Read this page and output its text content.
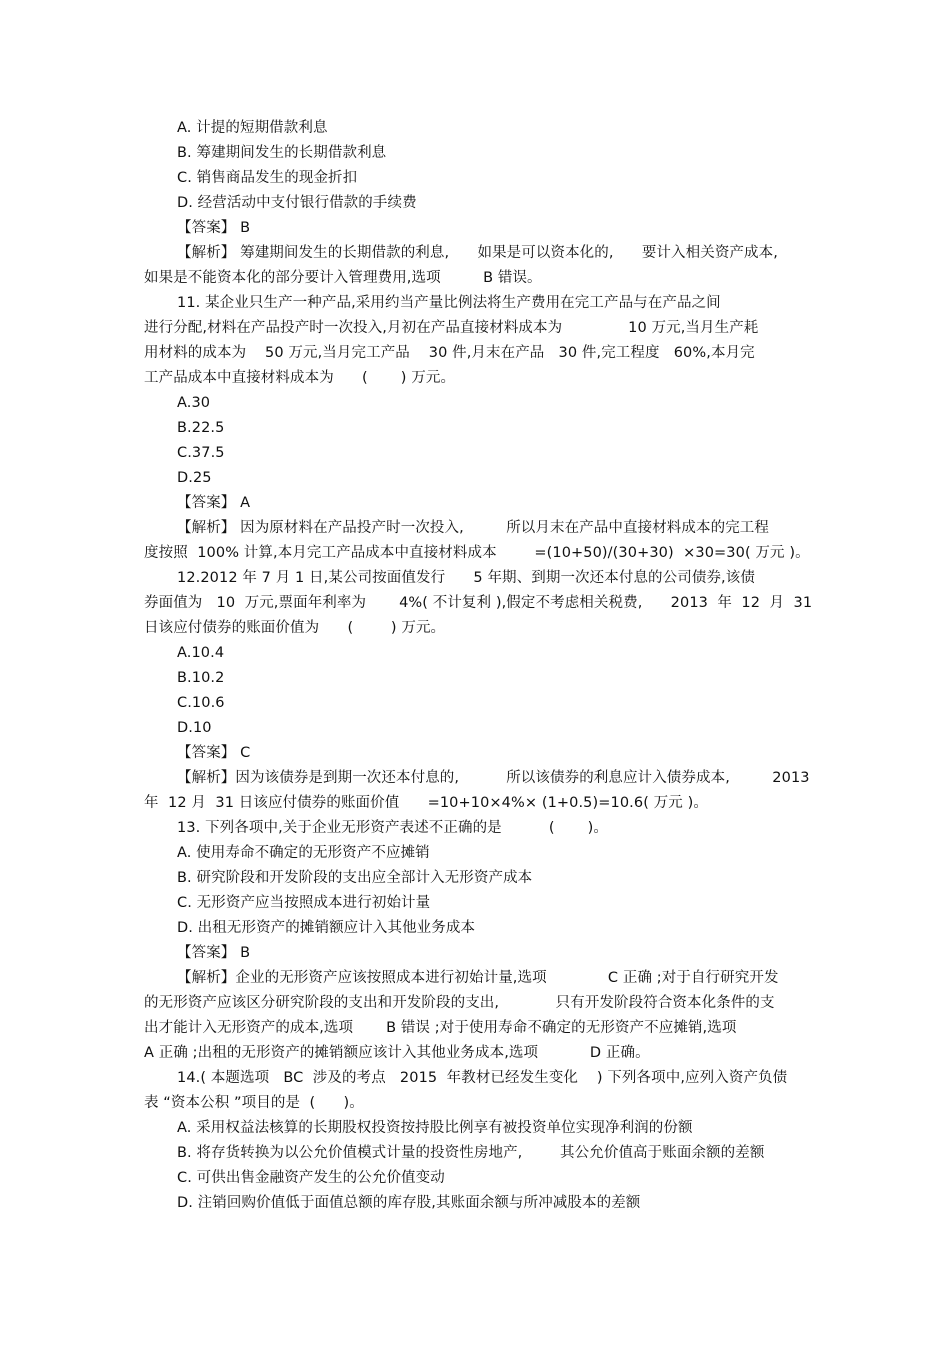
A. 计提的短期借款利息
B. 筹建期间发生的长期借款利息
C. 销售商品发生的现金折扣
D. 经营活动中支付银行借款的手续费
【答案】 B
【解析】 筹建期间发生的长期借款的利息,      如果是可以资本化的,      要计入相关资产成本,
如果是不能资本化的部分要计入管理费用,选项         B 错误。
11. 某企业只生产一种产品,采用约当产量比例法将生产费用在完工产品与在产品之间
进行分配,材料在产品投产时一次投入,月初在产品直接材料成本为              10 万元,当月生产耗
用材料的成本为    50 万元,当月完工产品    30 件,月末在产品   30 件,完工程度   60%,本月完
工产品成本中直接材料成本为      (       ) 万元。
A.30
B.22.5
C.37.5
D.25
【答案】 A
【解析】 因为原材料在产品投产时一次投入,         所以月末在产品中直接材料成本的完工程
度按照  100% 计算,本月完工产品成本中直接材料成本        =(10+50)/(30+30)  ×30=30( 万元 )。
12.2012 年 7 月 1 日,某公司按面值发行      5 年期、到期一次还本付息的公司债券,该债
券面值为   10  万元,票面年利率为       4%( 不计复利 ),假定不考虑相关税费,      2013  年  12  月  31
日该应付债券的账面价值为      (        ) 万元。
A.10.4
B.10.2
C.10.6
D.10
【答案】 C
【解析】因为该债券是到期一次还本付息的,          所以该债券的利息应计入债券成本,         2013
年  12 月  31 日该应付债券的账面价值      =10+10×4%× (1+0.5)=10.6( 万元 )。
13. 下列各项中,关于企业无形资产表述不正确的是          (       )。
A. 使用寿命不确定的无形资产不应摊销
B. 研究阶段和开发阶段的支出应全部计入无形资产成本
C. 无形资产应当按照成本进行初始计量
D. 出租无形资产的摊销额应计入其他业务成本
【答案】 B
【解析】企业的无形资产应该按照成本进行初始计量,选项             C 正确 ;对于自行研究开发
的无形资产应该区分研究阶段的支出和开发阶段的支出,            只有开发阶段符合资本化条件的支
出才能计入无形资产的成本,选项       B 错误 ;对于使用寿命不确定的无形资产不应摊销,选项
A 正确 ;出租的无形资产的摊销额应该计入其他业务成本,选项           D 正确。
14.( 本题选项   BC  涉及的考点   2015  年教材已经发生变化    ) 下列各项中,应列入资产负债
表 “资本公积 ”项目的是  (      )。
A. 采用权益法核算的长期股权投资按持股比例享有被投资单位实现净利润的份额
B. 将存货转换为以公允价值模式计量的投资性房地产,        其公允价值高于账面余额的差额
C. 可供出售金融资产发生的公允价值变动
D. 注销回购价值低于面值总额的库存股,其账面余额与所冲减股本的差额
